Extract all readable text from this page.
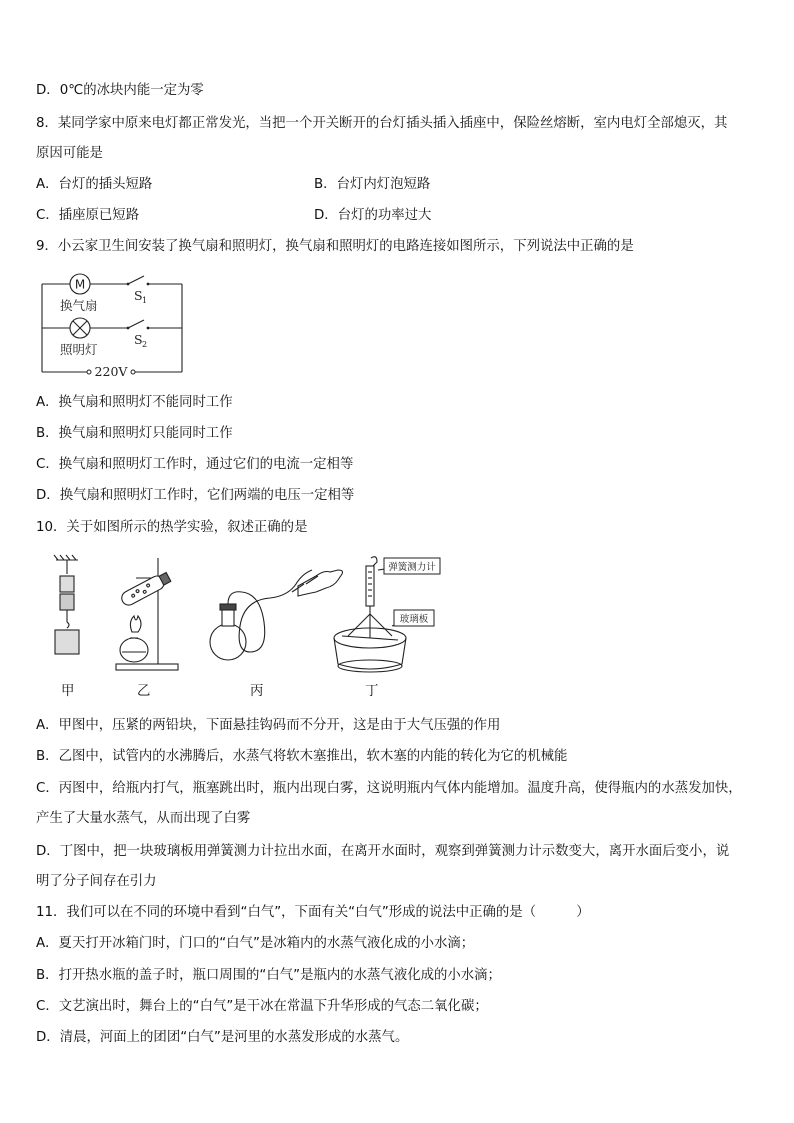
D．0℃的冰块内能一定为零
8．某同学家中原来电灯都正常发光，当把一个开关断开的台灯插头插入插座中，保险丝熔断，室内电灯全部熄灭，其
原因可能是
A．台灯的插头短路	B．台灯内灯泡短路
C．插座原已短路	D．台灯的功率过大
9．小云家卫生间安装了换气扇和照明灯，换气扇和照明灯的电路连接如图所示，下列说法中正确的是
M
换气扇
照明灯
S 1
S 2
220V
A．换气扇和照明灯不能同时工作
B．换气扇和照明灯只能同时工作
C．换气扇和照明灯工作时，通过它们的电流一定相等
D．换气扇和照明灯工作时，它们两端的电压一定相等
10．关于如图所示的热学实验，叙述正确的是
弹簧测力计
玻璃板
甲	乙	丙	丁
A．甲图中，压紧的两铅块，下面悬挂钩码而不分开，这是由于大气压强的作用
B．乙图中，试管内的水沸腾后，水蒸气将软木塞推出，软木塞的内能的转化为它的机械能
C．丙图中，给瓶内打气，瓶塞跳出时，瓶内出现白雾，这说明瓶内气体内能增加。温度升高，使得瓶内的水蒸发加快，
产生了大量水蒸气，从而出现了白雾
D．丁图中，把一块玻璃板用弹簧测力计拉出水面，在离开水面时，观察到弹簧测力计示数变大，离开水面后变小，说
明了分子间存在引力
11．我们可以在不同的环境中看到“白气”，下面有关“白气”形成的说法中正确的是（　　　）
A．夏天打开冰箱门时，门口的“白气”是冰箱内的水蒸气液化成的小水滴；
B．打开热水瓶的盖子时，瓶口周围的“白气”是瓶内的水蒸气液化成的小水滴；
C．文艺演出时，舞台上的“白气”是干冰在常温下升华形成的气态二氧化碳；
D．清晨，河面上的团团“白气”是河里的水蒸发形成的水蒸气。
